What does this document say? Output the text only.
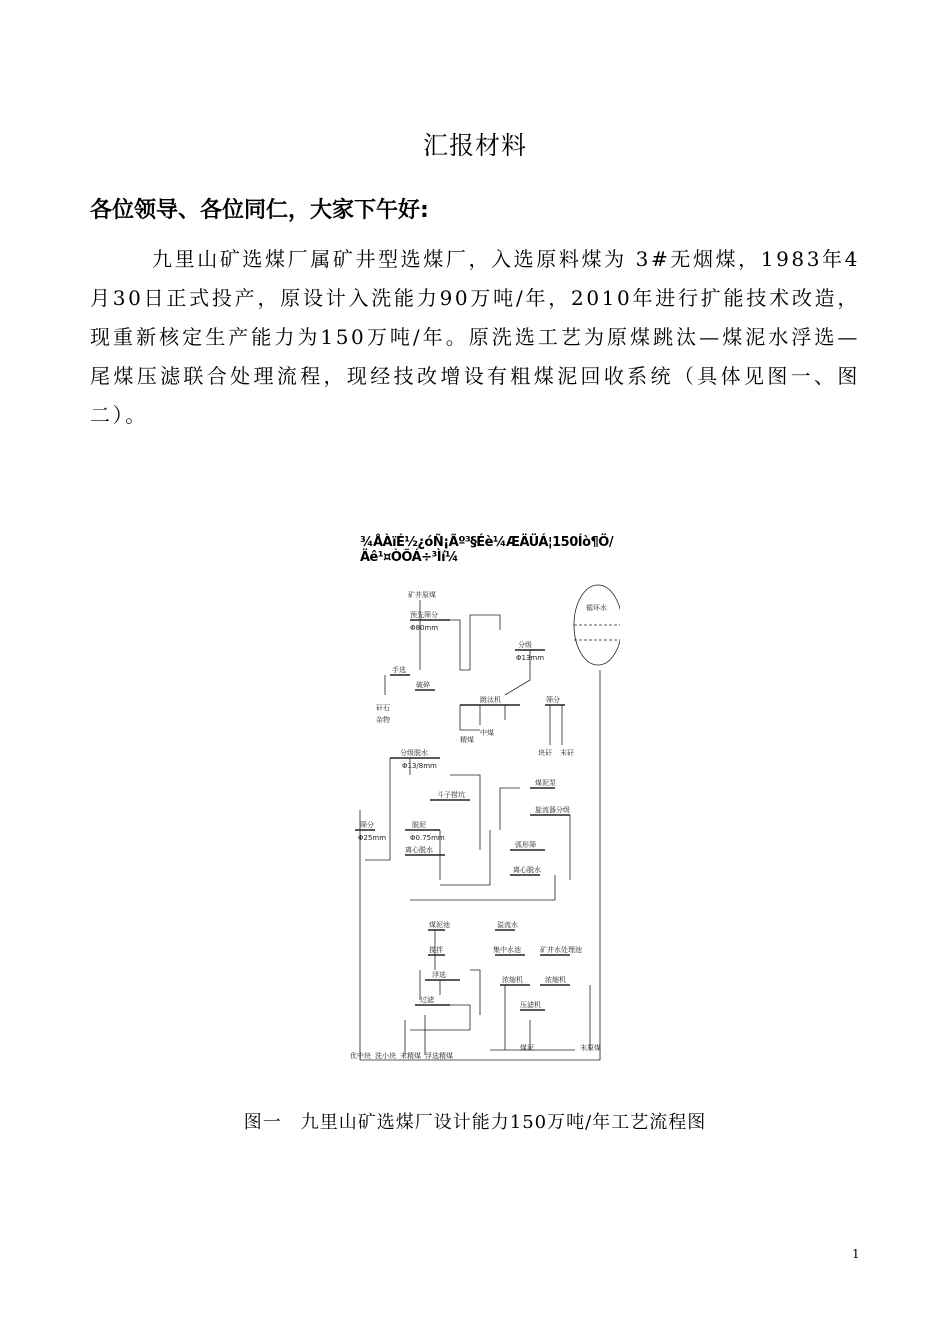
汇报材料
各位领导、各位同仁，大家下午好:
九里山矿选煤厂属矿井型选煤厂，入选原料煤为 3#无烟煤，1983年4月30日正式投产，原设计入洗能力90万吨/年，2010年进行扩能技术改造，现重新核定生产能力为150万吨/年。原洗选工艺为原煤跳汰—煤泥水浮选—尾煤压滤联合处理流程，现经技改增设有粗煤泥回收系统（具体见图一、图二）。
¾ÅÀïÉ½¿óÑ¡Ãº³§Éè¼ÆÄÜÁ¦150Íò¶Ö/Äê¹¤ÒÕÁ÷³Ìí¼
矿井原煤
预先筛分
Φ80mm
手选
破碎
矸石
杂物
分级
Φ13mm
跳汰机
中煤
精煤
筛分
块矸 末矸
循环水
分级脱水
Φ13/8mm
斗子捞坑
脱泥
Φ0.75mm
离心脱水
筛分
Φ25mm
煤泥泵
旋流器分级
弧形筛
离心脱水
煤泥池
搅拌
浮选
过滤
溢流水
集中水池	矿井水处理池
浓缩机	浓缩机
压滤机
煤泥
优中块 洗小块 末精煤 浮选精煤
末原煤
图一　九里山矿选煤厂设计能力150万吨/年工艺流程图
1
